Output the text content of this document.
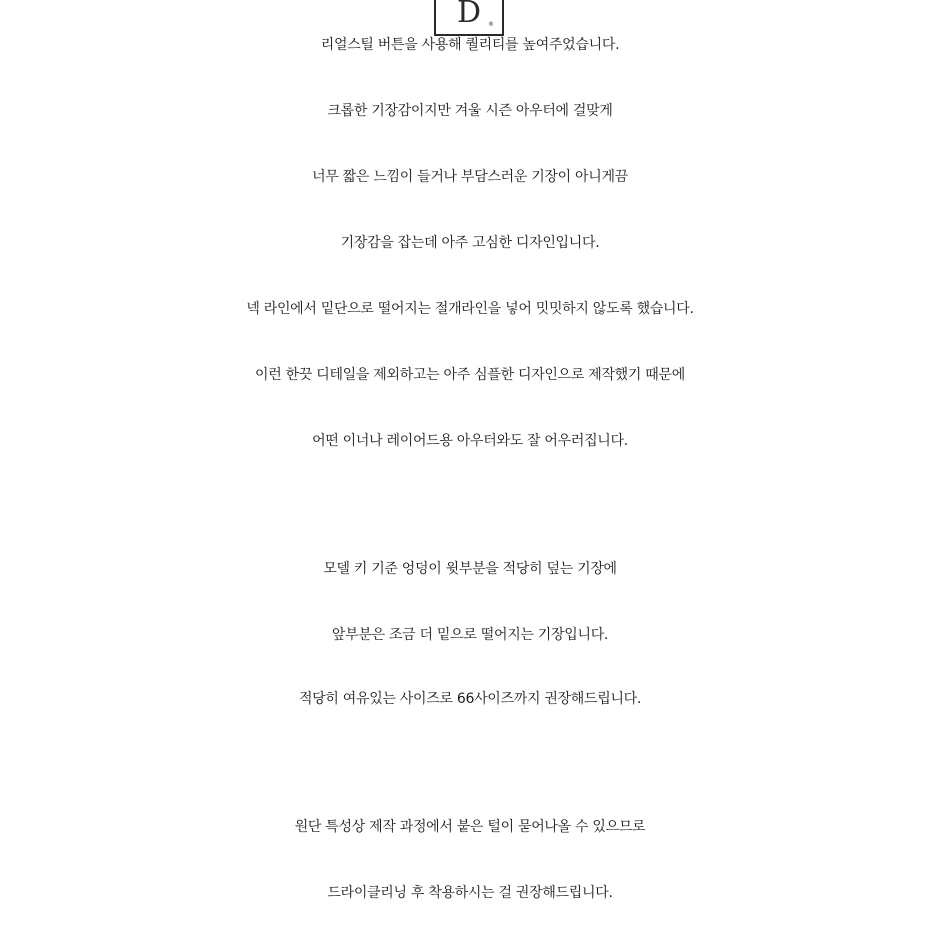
D ®
리얼스틸 버튼을 사용해 퀄리티를 높여주었습니다.
크롭한 기장감이지만 겨울 시즌 아우터에 걸맞게
너무 짧은 느낌이 들거나 부담스러운 기장이 아니게끔
기장감을 잡는데 아주 고심한 디자인입니다.
넥 라인에서 밑단으로 떨어지는 절개라인을 넣어 밋밋하지 않도록 했습니다.
이런 한끗 디테일을 제외하고는 아주 심플한 디자인으로 제작했기 때문에
어떤 이너나 레이어드용 아우터와도 잘 어우러집니다.
모델 키 기준 엉덩이 윗부분을 적당히 덮는 기장에
앞부분은 조금 더 밑으로 떨어지는 기장입니다.
적당히 여유있는 사이즈로 66사이즈까지 권장해드립니다.
원단 특성상 제작 과정에서 붙은 털이 묻어나올 수 있으므로
드라이클리닝 후 착용하시는 걸 권장해드립니다.
